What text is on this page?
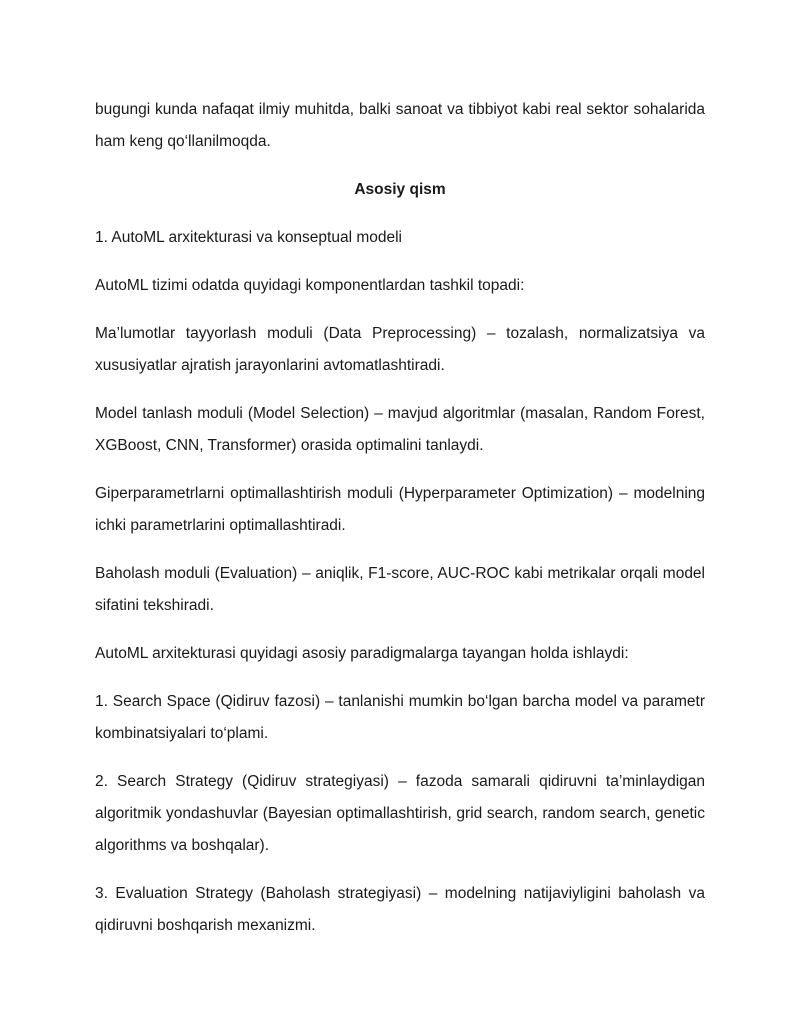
bugungi kunda nafaqat ilmiy muhitda, balki sanoat va tibbiyot kabi real sektor sohalarida ham keng qo‘llanilmoqda.

Asosiy qism

1. AutoML arxitekturasi va konseptual modeli

AutoML tizimi odatda quyidagi komponentlardan tashkil topadi:

Ma’lumotlar tayyorlash moduli (Data Preprocessing) – tozalash, normalizatsiya va xususiyatlar ajratish jarayonlarini avtomatlashtiradi.

Model tanlash moduli (Model Selection) – mavjud algoritmlar (masalan, Random Forest, XGBoost, CNN, Transformer) orasida optimalini tanlaydi.

Giperparametrlarni optimallashtirish moduli (Hyperparameter Optimization) – modelning ichki parametrlarini optimallashtiradi.

Baholash moduli (Evaluation) – aniqlik, F1-score, AUC-ROC kabi metrikalar orqali model sifatini tekshiradi.

AutoML arxitekturasi quyidagi asosiy paradigmalarga tayangan holda ishlaydi:

1. Search Space (Qidiruv fazosi) – tanlanishi mumkin bo‘lgan barcha model va parametr kombinatsiyalari to‘plami.

2. Search Strategy (Qidiruv strategiyasi) – fazoda samarali qidiruvni ta’minlaydigan algoritmik yondashuvlar (Bayesian optimallashtirish, grid search, random search, genetic algorithms va boshqalar).

3. Evaluation Strategy (Baholash strategiyasi) – modelning natijaviyligini baholash va qidiruvni boshqarish mexanizmi.
